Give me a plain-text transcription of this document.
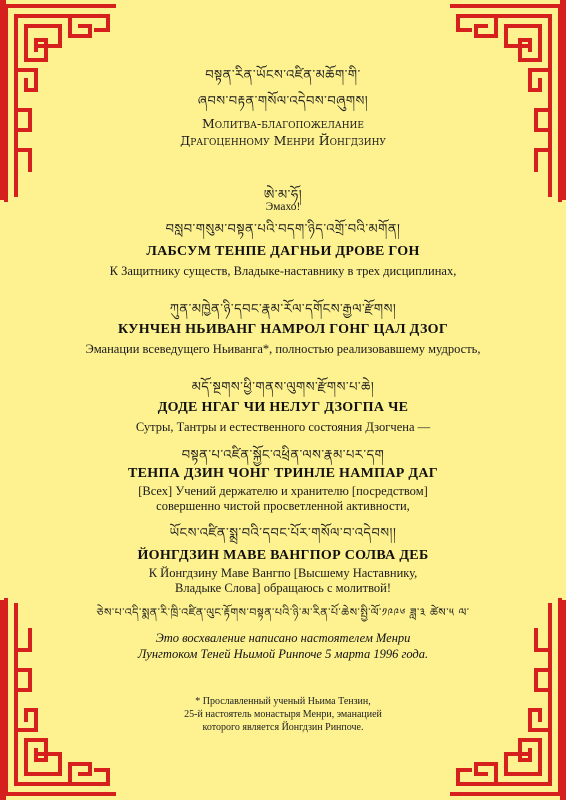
བསྟན་རིན་ཡོངས་འཛིན་མཆོག་གི་
ཞབས་བརྟན་གསོལ་འདེབས་བཞུགས།
Молитва-благопожелание
Драгоценному Менри Йонгдзину
ཨེ་མ་ཧོ།
Эмахо!
བསླབ་གསུམ་བསྟན་པའི་བདག་ཉིད་འགྲོ་བའི་མགོན།
ЛАБСУМ ТЕНПЕ ДАГНЬИ ДРОВЕ ГОН
К Защитнику существ, Владыке-наставнику в трех дисциплинах,
ཀུན་མཁྱེན་ཉི་དབང་རྣམ་རོལ་དགོངས་རྒྱལ་རྫོགས།
КУНЧЕН НЬИВАНГ НАМРОЛ ГОНГ ЦАЛ ДЗОГ
Эманации всеведущего Ньиванга*, полностью реализовавшему мудрость,
མདོ་སྔགས་ཕྱི་གནས་ལུགས་རྫོགས་པ་ཆེ།
ДОДЕ НГАГ ЧИ НЕЛУГ ДЗОГПА ЧЕ
Сутры, Тантры и естественного состояния Дзогчена —
བསྟན་པ་འཛིན་སྐྱོང་འཕྲིན་ལས་རྣམ་པར་དག
ТЕНПА ДЗИН ЧОНГ ТРИНЛЕ НАМПАР ДАГ
[Всех] Учений держателю и хранителю [посредством]
совершенно чистой просветленной активности,
ཡོངས་འཛིན་སྨྲ་བའི་དབང་པོར་གསོལ་བ་འདེབས།།
ЙОНГДЗИН МАВЕ ВАНГПОР СОЛВА ДЕБ
К Йонгдзину Маве Вангпо [Высшему Наставнику,
Владыке Слова] обращаюсь с молитвой!
ཅེས་པ་འདི་སྨན་རི་ཁྲི་འཛིན་ལུང་རྟོགས་བསྟན་པའི་ཉི་མ་རིན་པོ་ཆེས་སྤྱི་ལོ་༡༩༩༦ ཟླ་༣ ཚེས་༥ ལ་
Это восхваление написано настоятелем Менри
Лунгтоком Теней Ньимой Ринпоче 5 марта 1996 года.
* Прославленный ученый Ньима Тензин,
25-й настоятель монастыря Менри, эманацией
которого является Йонгдзин Ринпоче.
